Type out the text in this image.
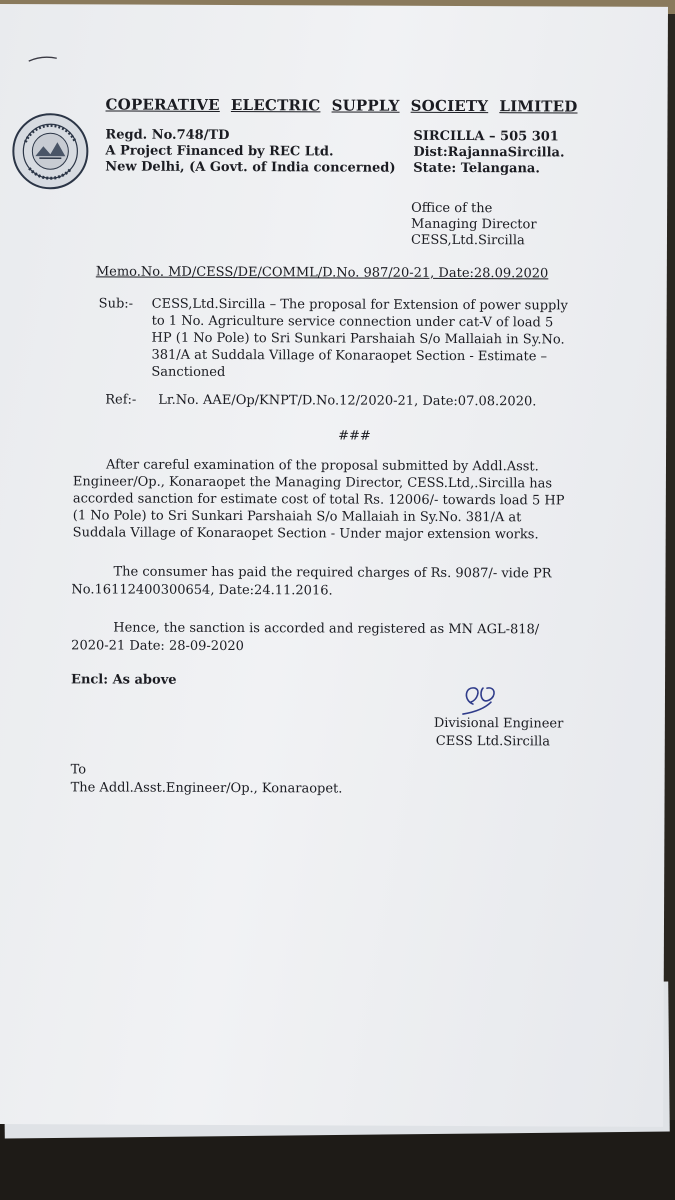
COPERATIVE ELECTRIC SUPPLY SOCIETY LIMITED
Regd. No.748/TD
A Project Financed by REC Ltd.
New Delhi, (A Govt. of India concerned)
SIRCILLA – 505 301
Dist:RajannaSircilla.
State: Telangana.
Office of the
Managing Director
CESS,Ltd.Sircilla
Memo.No. MD/CESS/DE/COMML/D.No. 987/20-21, Date:28.09.2020
Sub:- CESS,Ltd.Sircilla – The proposal for Extension of power supply
to 1 No. Agriculture service connection under cat-V of load 5
HP (1 No Pole) to Sri Sunkari Parshaiah S/o Mallaiah in Sy.No.
381/A at Suddala Village of Konaraopet Section - Estimate –
Sanctioned
Ref:- Lr.No. AAE/Op/KNPT/D.No.12/2020-21, Date:07.08.2020.
###
After careful examination of the proposal submitted by Addl.Asst.
Engineer/Op., Konaraopet the Managing Director, CESS.Ltd,.Sircilla has
accorded sanction for estimate cost of total Rs. 12006/- towards load 5 HP
(1 No Pole) to Sri Sunkari Parshaiah S/o Mallaiah in Sy.No. 381/A at
Suddala Village of Konaraopet Section - Under major extension works.
The consumer has paid the required charges of Rs. 9087/- vide PR
No.16112400300654, Date:24.11.2016.
Hence, the sanction is accorded and registered as MN AGL-818/
2020-21 Date: 28-09-2020
Encl: As above
Divisional Engineer
CESS Ltd.Sircilla
To
The Addl.Asst.Engineer/Op., Konaraopet.
